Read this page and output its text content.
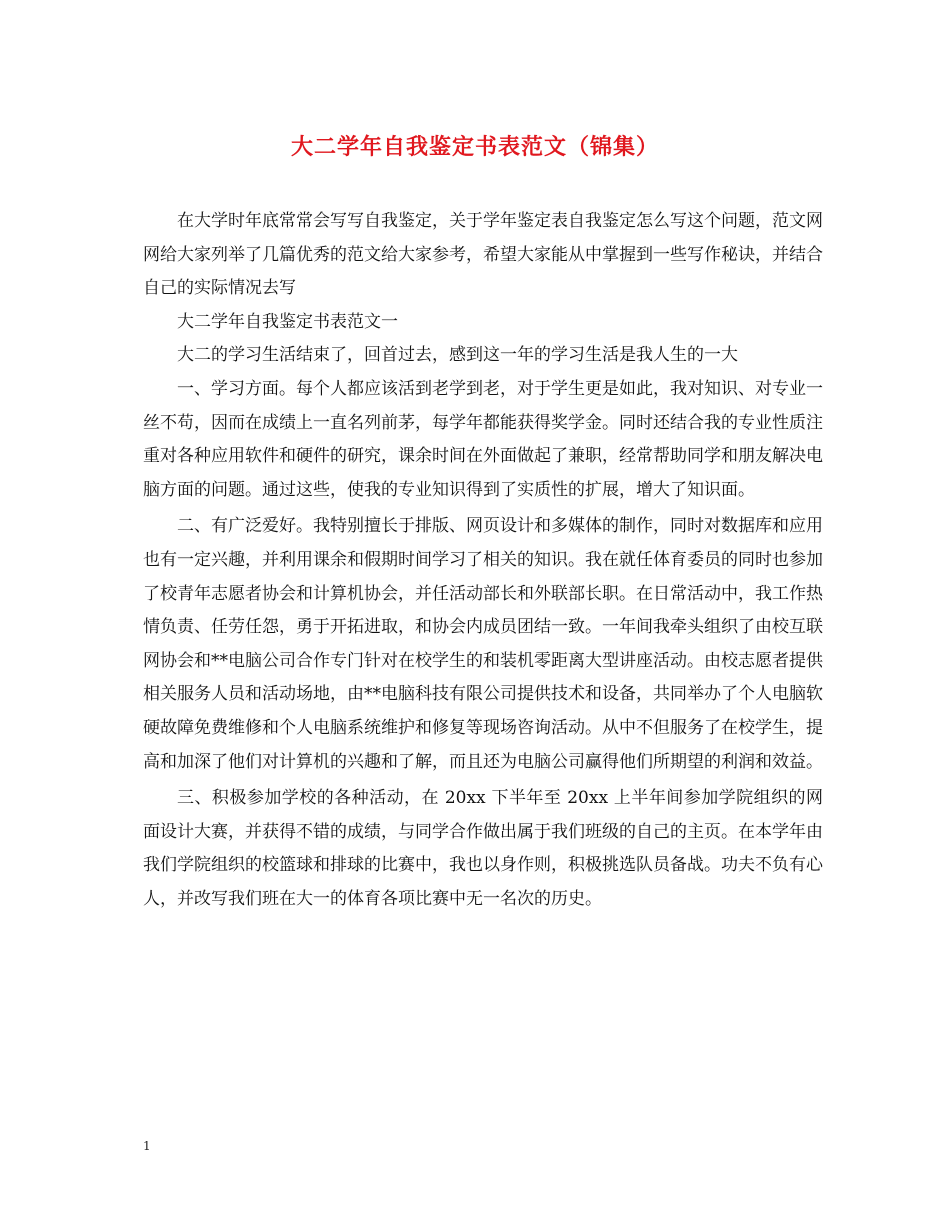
大二学年自我鉴定书表范文（锦集）

在大学时年底常常会写写自我鉴定，关于学年鉴定表自我鉴定怎么写这个问题，范文网网给大家列举了几篇优秀的范文给大家参考，希望大家能从中掌握到一些写作秘诀，并结合自己的实际情况去写

大二学年自我鉴定书表范文一

大二的学习生活结束了，回首过去，感到这一年的学习生活是我人生的一大

一、学习方面。每个人都应该活到老学到老，对于学生更是如此，我对知识、对专业一丝不苟，因而在成绩上一直名列前茅，每学年都能获得奖学金。同时还结合我的专业性质注重对各种应用软件和硬件的研究，课余时间在外面做起了兼职，经常帮助同学和朋友解决电脑方面的问题。通过这些，使我的专业知识得到了实质性的扩展，增大了知识面。

二、有广泛爱好。我特别擅长于排版、网页设计和多媒体的制作，同时对数据库和应用也有一定兴趣，并利用课余和假期时间学习了相关的知识。我在就任体育委员的同时也参加了校青年志愿者协会和计算机协会，并任活动部长和外联部长职。在日常活动中，我工作热情负责、任劳任怨，勇于开拓进取，和协会内成员团结一致。一年间我牵头组织了由校互联网协会和**电脑公司合作专门针对在校学生的和装机零距离大型讲座活动。由校志愿者提供相关服务人员和活动场地，由**电脑科技有限公司提供技术和设备，共同举办了个人电脑软硬故障免费维修和个人电脑系统维护和修复等现场咨询活动。从中不但服务了在校学生，提高和加深了他们对计算机的兴趣和了解，而且还为电脑公司赢得他们所期望的利润和效益。

三、积极参加学校的各种活动，在 20xx 下半年至 20xx 上半年间参加学院组织的网面设计大赛，并获得不错的成绩，与同学合作做出属于我们班级的自己的主页。在本学年由我们学院组织的校篮球和排球的比赛中，我也以身作则，积极挑选队员备战。功夫不负有心人，并改写我们班在大一的体育各项比赛中无一名次的历史。

1
